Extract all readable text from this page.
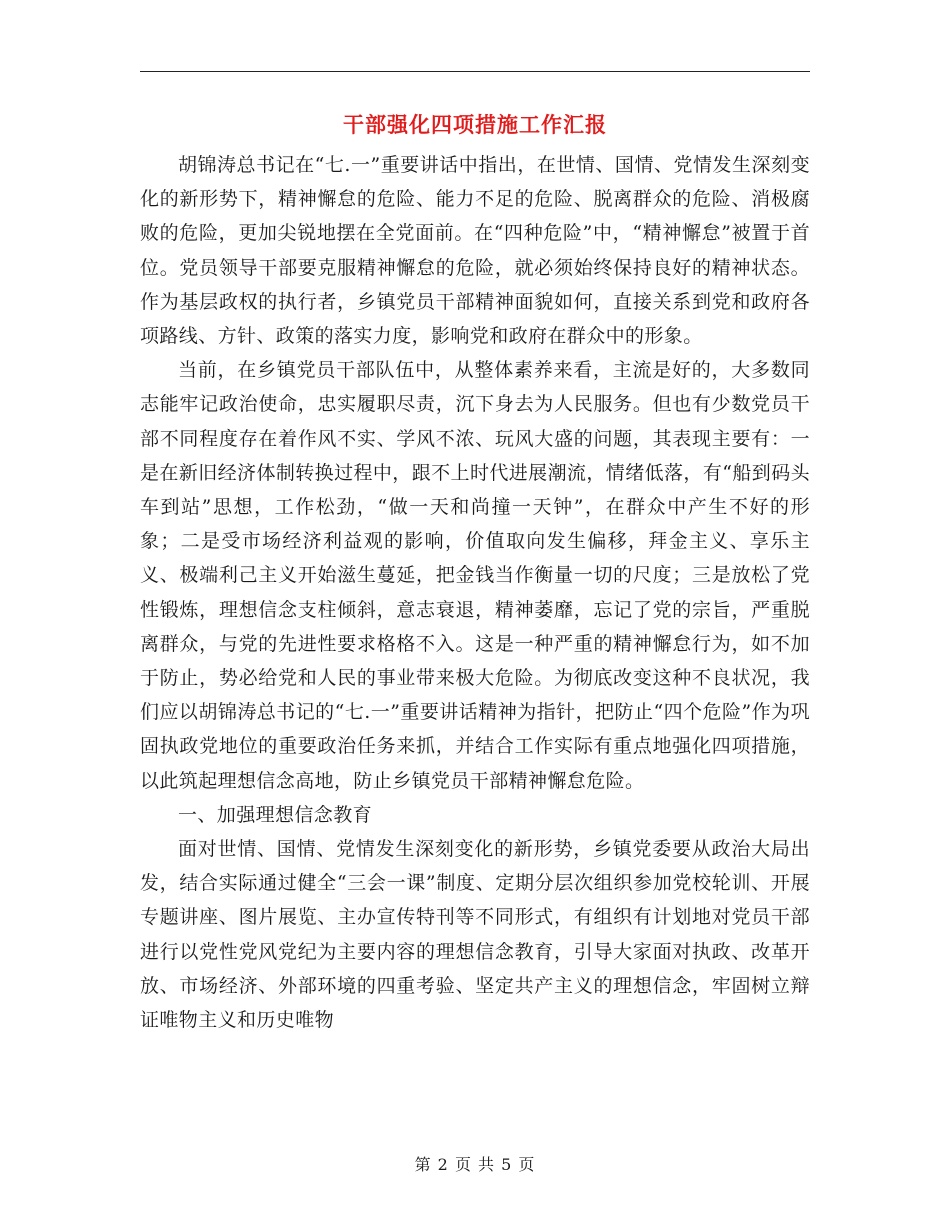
干部强化四项措施工作汇报

胡锦涛总书记在“七.一”重要讲话中指出，在世情、国情、党情发生深刻变化的新形势下，精神懈怠的危险、能力不足的危险、脱离群众的危险、消极腐败的危险，更加尖锐地摆在全党面前。在“四种危险”中，“精神懈怠”被置于首位。党员领导干部要克服精神懈怠的危险，就必须始终保持良好的精神状态。作为基层政权的执行者，乡镇党员干部精神面貌如何，直接关系到党和政府各项路线、方针、政策的落实力度，影响党和政府在群众中的形象。

当前，在乡镇党员干部队伍中，从整体素养来看，主流是好的，大多数同志能牢记政治使命，忠实履职尽责，沉下身去为人民服务。但也有少数党员干部不同程度存在着作风不实、学风不浓、玩风大盛的问题，其表现主要有：一是在新旧经济体制转换过程中，跟不上时代进展潮流，情绪低落，有“船到码头车到站”思想，工作松劲，“做一天和尚撞一天钟”，在群众中产生不好的形象；二是受市场经济利益观的影响，价值取向发生偏移，拜金主义、享乐主义、极端利己主义开始滋生蔓延，把金钱当作衡量一切的尺度；三是放松了党性锻炼，理想信念支柱倾斜，意志衰退，精神萎靡，忘记了党的宗旨，严重脱离群众，与党的先进性要求格格不入。这是一种严重的精神懈怠行为，如不加于防止，势必给党和人民的事业带来极大危险。为彻底改变这种不良状况，我们应以胡锦涛总书记的“七.一”重要讲话精神为指针，把防止“四个危险”作为巩固执政党地位的重要政治任务来抓，并结合工作实际有重点地强化四项措施，以此筑起理想信念高地，防止乡镇党员干部精神懈怠危险。

一、加强理想信念教育

面对世情、国情、党情发生深刻变化的新形势，乡镇党委要从政治大局出发，结合实际通过健全“三会一课”制度、定期分层次组织参加党校轮训、开展专题讲座、图片展览、主办宣传特刊等不同形式，有组织有计划地对党员干部进行以党性党风党纪为主要内容的理想信念教育，引导大家面对执政、改革开放、市场经济、外部环境的四重考验、坚定共产主义的理想信念，牢固树立辩证唯物主义和历史唯物

第 2 页 共 5 页
